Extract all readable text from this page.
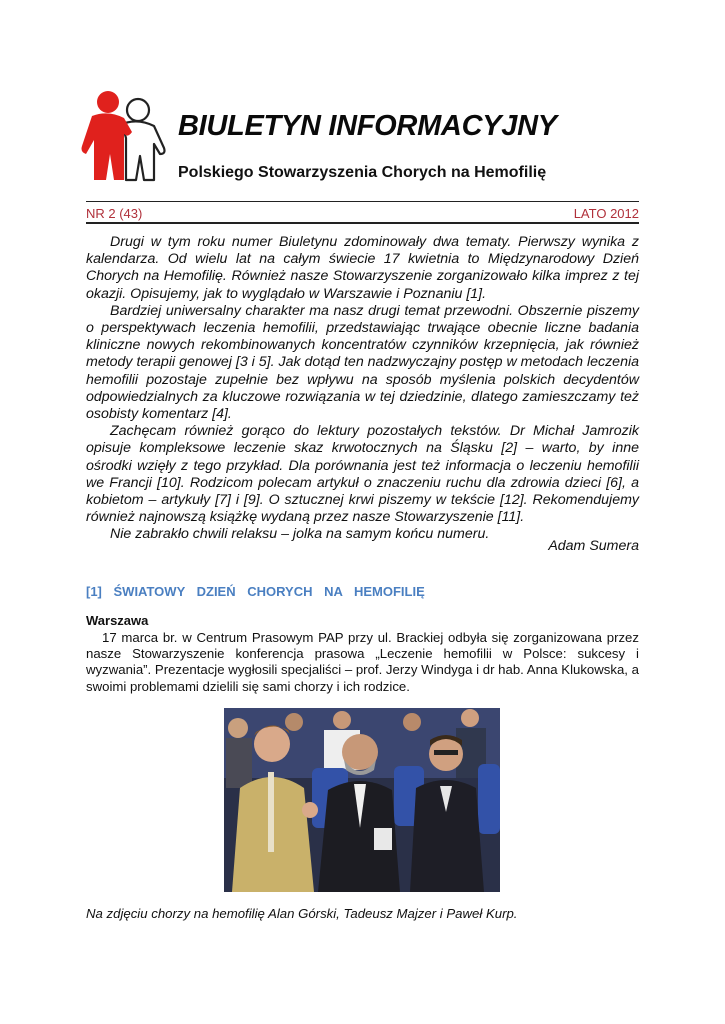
BIULETYN INFORMACYJNY
Polskiego Stowarzyszenia Chorych na Hemofilię
NR 2 (43)	LATO 2012

Drugi w tym roku numer Biuletynu zdominowały dwa tematy. Pierwszy wynika z kalendarza. Od wielu lat na całym świecie 17 kwietnia to Międzynarodowy Dzień Chorych na Hemofilię. Również nasze Stowarzyszenie zorganizowało kilka imprez z tej okazji. Opisujemy, jak to wyglądało w Warszawie i Poznaniu [1].

Bardziej uniwersalny charakter ma nasz drugi temat przewodni. Obszernie piszemy o perspektywach leczenia hemofilii, przedstawiając trwające obecnie liczne badania kliniczne nowych rekombinowanych koncentratów czynników krzepnięcia, jak również metody terapii genowej [3 i 5]. Jak dotąd ten nadzwyczajny postęp w metodach leczenia hemofilii pozostaje zupełnie bez wpływu na sposób myślenia polskich decydentów odpowiedzialnych za kluczowe rozwiązania w tej dziedzinie, dlatego zamieszczamy też osobisty komentarz [4].

Zachęcam również gorąco do lektury pozostałych tekstów. Dr Michał Jamrozik opisuje kompleksowe leczenie skaz krwotocznych na Śląsku [2] – warto, by inne ośrodki wzięły z tego przykład. Dla porównania jest też informacja o leczeniu hemofilii we Francji [10]. Rodzicom polecam artykuł o znaczeniu ruchu dla zdrowia dzieci [6], a kobietom – artykuły [7] i [9]. O sztucznej krwi piszemy w tekście [12]. Rekomendujemy również najnowszą książkę wydaną przez nasze Stowarzyszenie [11].

Nie zabrakło chwili relaksu – jolka na samym końcu numeru.

Adam Sumera
[1] ŚWIATOWY DZIEŃ CHORYCH NA HEMOFILIĘ
Warszawa

17 marca br. w Centrum Prasowym PAP przy ul. Brackiej odbyła się zorganizowana przez nasze Stowarzyszenie konferencja prasowa „Leczenie hemofilii w Polsce: sukcesy i wyzwania”. Prezentacje wygłosili specjaliści – prof. Jerzy Windyga i dr hab. Anna Klukowska, a swoimi problemami dzielili się sami chorzy i ich rodzice.

Na zdjęciu chorzy na hemofilię Alan Górski, Tadeusz Majzer i Paweł Kurp.
